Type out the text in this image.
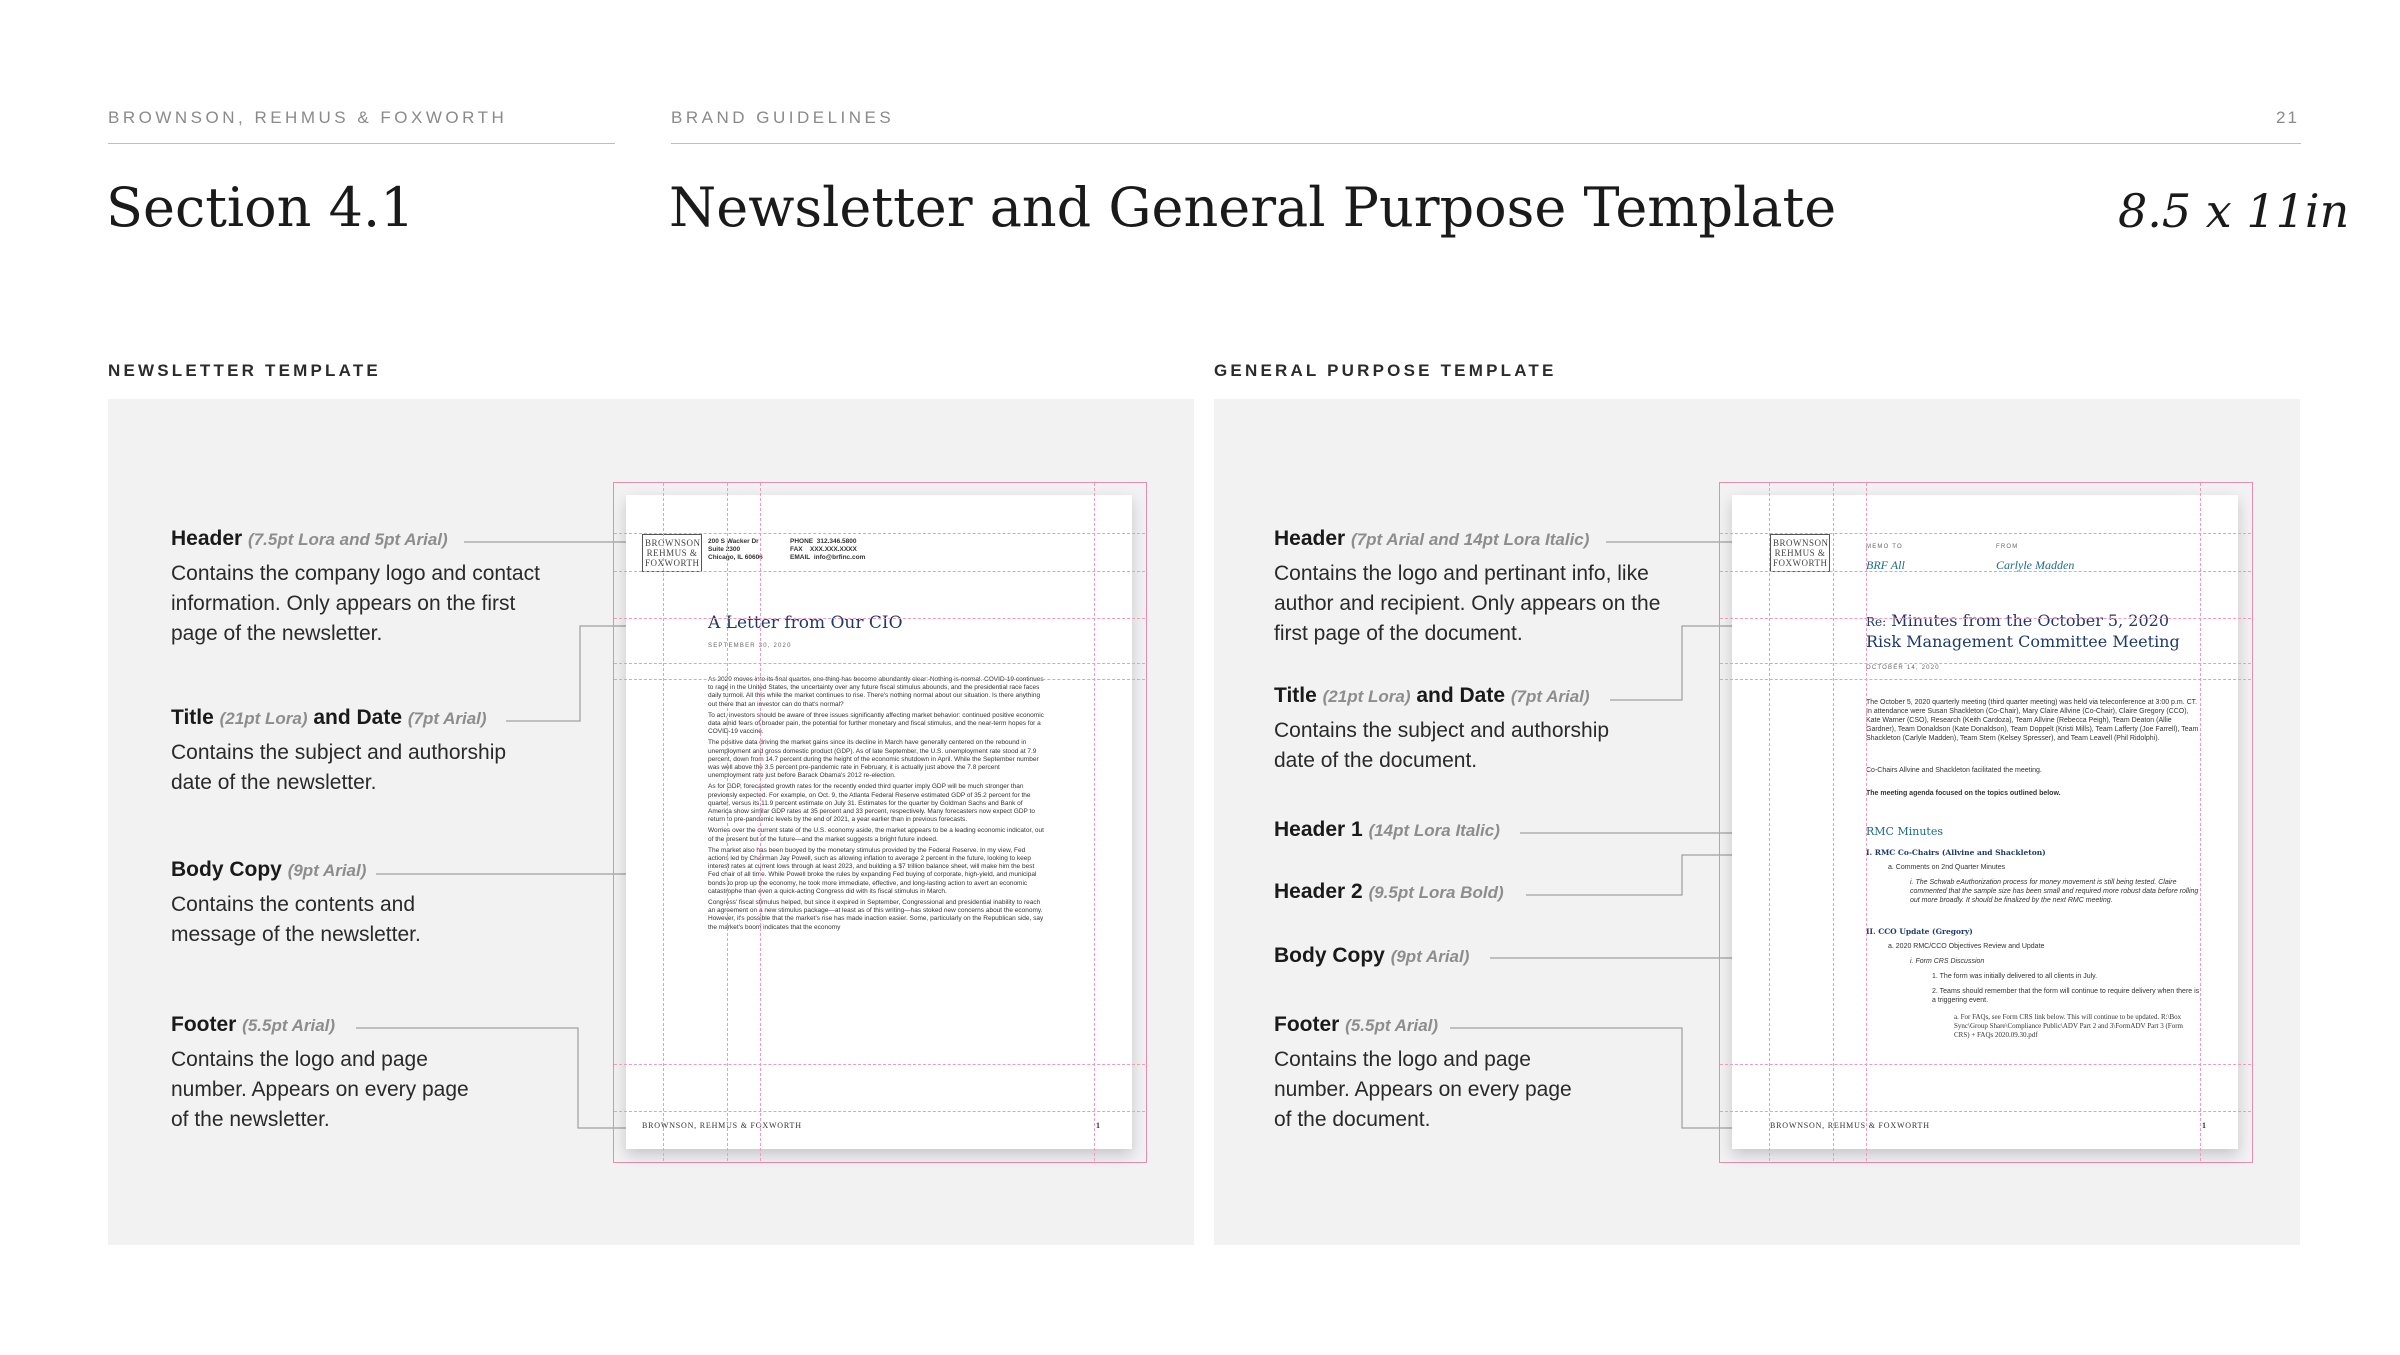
BROWNSON, REHMUS & FOXWORTH	BRAND GUIDELINES	21
Section 4.1	Newsletter and General Purpose Template	8.5 x 11in
NEWSLETTER TEMPLATE	GENERAL PURPOSE TEMPLATE
Header (7.5pt Lora and 5pt Arial)
Contains the company logo and contact information. Only appears on the first page of the newsletter.
Title (21pt Lora) and Date (7pt Arial)
Contains the subject and authorship date of the newsletter.
Body Copy (9pt Arial)
Contains the contents and message of the newsletter.
Footer (5.5pt Arial)
Contains the logo and page number. Appears on every page of the newsletter.
BROWNSON
REHMUS &
FOXWORTH
200 S Wacker Dr
Suite 2300
Chicago, IL 60606
PHONE 312.346.5800
FAX XXX.XXX.XXXX
EMAIL info@brfinc.com
A Letter from Our CIO
SEPTEMBER 30, 2020

As 2020 moves into its final quarter, one thing has become abundantly clear: Nothing is normal. COVID-19 continues to rage in the United States, the uncertainty over any future fiscal stimulus abounds, and the presidential race faces daily turmoil. All this while the market continues to rise. There's nothing normal about our situation. Is there anything out there that an investor can do that's normal?

To act, investors should be aware of three issues significantly affecting market behavior: continued positive economic data amid fears of broader pain, the potential for further monetary and fiscal stimulus, and the near-term hopes for a COVID-19 vaccine.

The positive data driving the market gains since its decline in March have generally centered on the rebound in unemployment and gross domestic product (GDP). As of late September, the U.S. unemployment rate stood at 7.9 percent, down from 14.7 percent during the height of the economic shutdown in April. While the September number was well above the 3.5 percent pre-pandemic rate in February, it is actually just above the 7.8 percent unemployment rate just before Barack Obama's 2012 re-election.

As for GDP, forecasted growth rates for the recently ended third quarter imply GDP will be much stronger than previously expected. For example, on Oct. 9, the Atlanta Federal Reserve estimated GDP of 35.2 percent for the quarter, versus its 11.9 percent estimate on July 31. Estimates for the quarter by Goldman Sachs and Bank of America show similar GDP rates at 35 percent and 33 percent, respectively. Many forecasters now expect GDP to return to pre-pandemic levels by the end of 2021, a year earlier than in previous forecasts.

Worries over the current state of the U.S. economy aside, the market appears to be a leading economic indicator, out of the present but of the future—and the market suggests a bright future indeed.

The market also has been buoyed by the monetary stimulus provided by the Federal Reserve. In my view, Fed actions led by Chairman Jay Powell, such as allowing inflation to average 2 percent in the future, looking to keep interest rates at current lows through at least 2023, and building a $7 trillion balance sheet, will make him the best Fed chair of all time. While Powell broke the rules by expanding Fed buying of corporate, high-yield, and municipal bonds to prop up the economy, he took more immediate, effective, and long-lasting action to avert an economic catastrophe than even a quick-acting Congress did with its fiscal stimulus in March.

Congress' fiscal stimulus helped, but since it expired in September, Congressional and presidential inability to reach an agreement on a new stimulus package—at least as of this writing—has stoked new concerns about the economy. However, it's possible that the market's rise has made inaction easier. Some, particularly on the Republican side, say the market's boom indicates that the economy

BROWNSON, REHMUS & FOXWORTH	1
Header (7pt Arial and 14pt Lora Italic)
Contains the logo and pertinant info, like author and recipient. Only appears on the first page of the document.
Title (21pt Lora) and Date (7pt Arial)
Contains the subject and authorship date of the document.
Header 1 (14pt Lora Italic)
Header 2 (9.5pt Lora Bold)
Body Copy (9pt Arial)
Footer (5.5pt Arial)
Contains the logo and page number. Appears on every page of the document.
BROWNSON
REHMUS &
FOXWORTH
MEMO TO	FROM
BRF All	Carlyle Madden
Re: Minutes from the October 5, 2020
Risk Management Committee Meeting
OCTOBER 14, 2020
The October 5, 2020 quarterly meeting (third quarter meeting) was held via teleconference at 3:00 p.m. CT. In attendance were Susan Shackleton (Co-Chair), Mary Claire Allvine (Co-Chair), Claire Gregory (CCO), Kate Warner (CSO), Research (Keith Cardoza), Team Allvine (Rebecca Peigh), Team Deaton (Allie Gardner), Team Donaldson (Kate Donaldson), Team Doppelt (Kristi Mills), Team Lafferty (Joe Farrell), Team Shackleton (Carlyle Madden), Team Stern (Kelsey Spresser), and Team Leavell (Phil Ridolphi).
Co-Chairs Allvine and Shackleton facilitated the meeting.
The meeting agenda focused on the topics outlined below.
RMC Minutes
I. RMC Co-Chairs (Allvine and Shackleton)
a. Comments on 2nd Quarter Minutes
i. The Schwab eAuthorization process for money movement is still being tested. Claire commented that the sample size has been small and required more robust data before rolling out more broadly. It should be finalized by the next RMC meeting.
II. CCO Update (Gregory)
a. 2020 RMC/CCO Objectives Review and Update
i. Form CRS Discussion
1. The form was initially delivered to all clients in July.
2. Teams should remember that the form will continue to require delivery when there is a triggering event.
a. For FAQs, see Form CRS link below. This will continue to be updated. R:\Box Sync\Group Share\Compliance Public\ADV Part 2 and 3\FormADV Part 3 (Form CRS) + FAQs 2020.09.30.pdf
BROWNSON, REHMUS & FOXWORTH	1
